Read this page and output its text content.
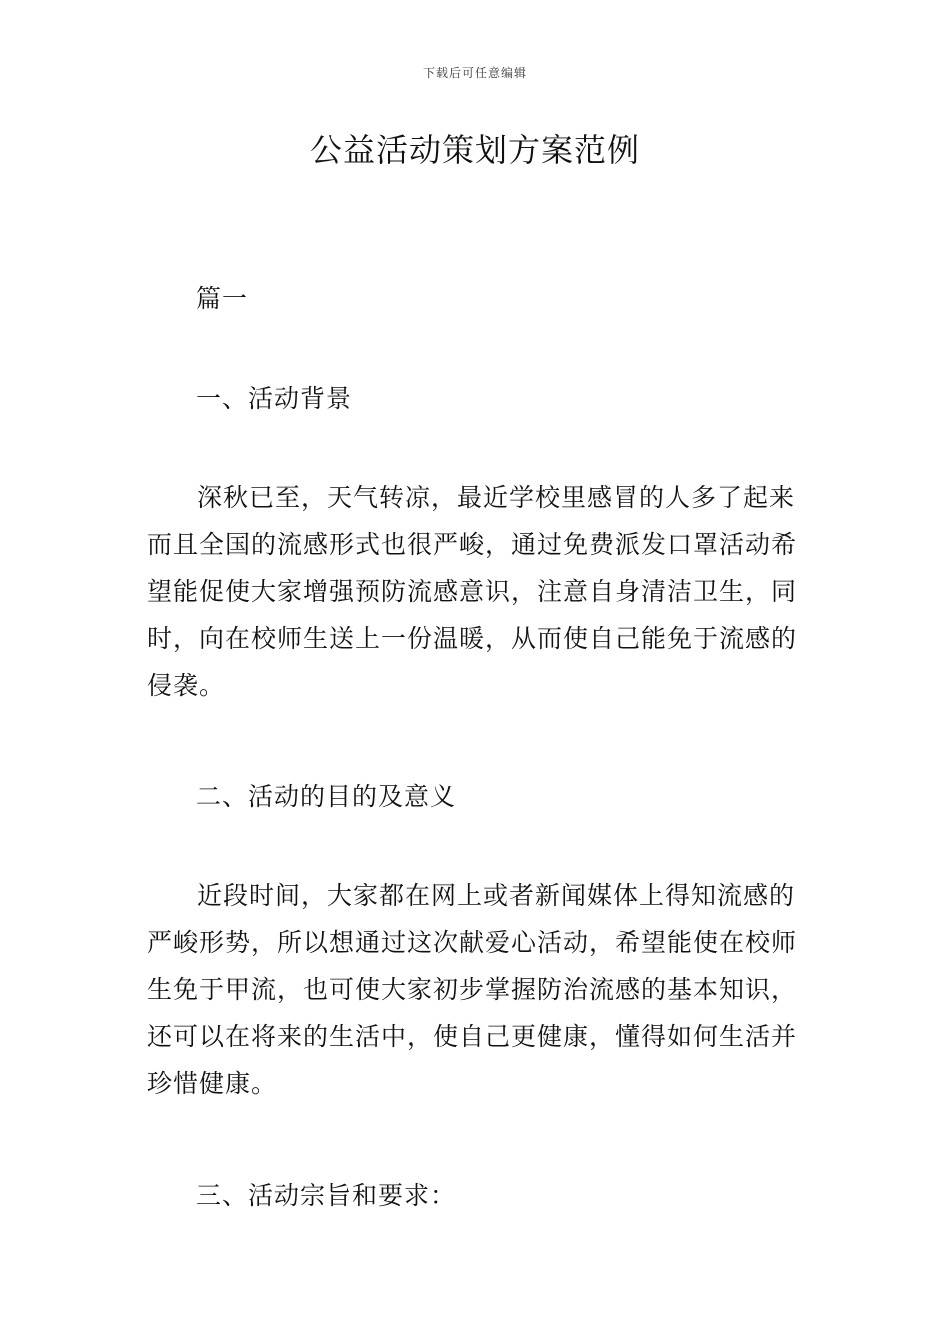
下载后可任意编辑
公益活动策划方案范例
篇一
一、活动背景
深秋已至，天气转凉，最近学校里感冒的人多了起来
而且全国的流感形式也很严峻，通过免费派发口罩活动希
望能促使大家增强预防流感意识，注意自身清洁卫生，同
时，向在校师生送上一份温暖，从而使自己能免于流感的
侵袭。
二、活动的目的及意义
近段时间，大家都在网上或者新闻媒体上得知流感的
严峻形势，所以想通过这次献爱心活动，希望能使在校师
生免于甲流，也可使大家初步掌握防治流感的基本知识，
还可以在将来的生活中，使自己更健康，懂得如何生活并
珍惜健康。
三、活动宗旨和要求：
